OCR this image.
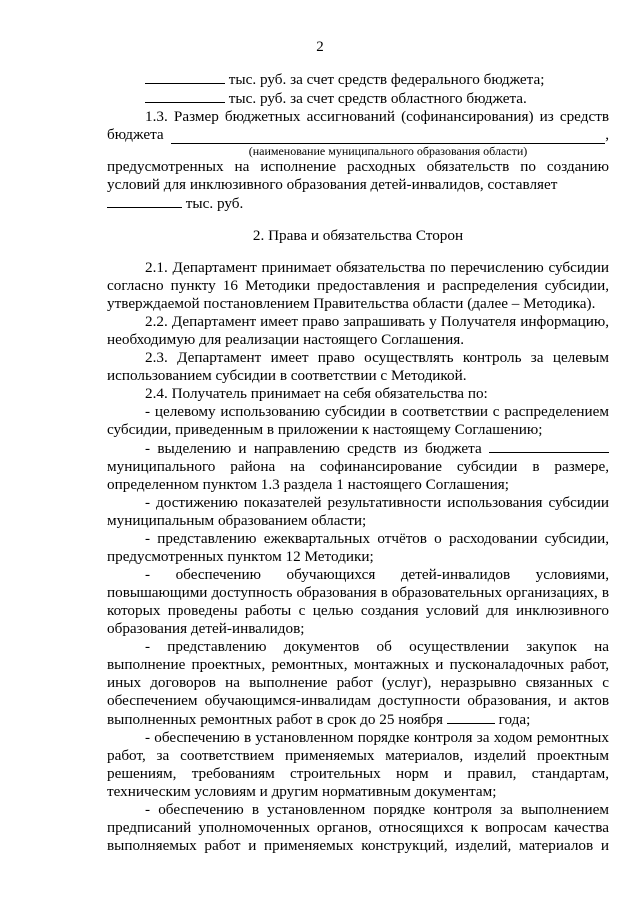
2

тыс. руб. за счет средств федерального бюджета;

тыс. руб. за счет средств областного бюджета.

1.3. Размер бюджетных ассигнований (софинансирования) из средств бюджета	,

(наименование муниципального образования области)

предусмотренных на исполнение расходных обязательств по созданию условий для инклюзивного образования детей-инвалидов, составляет

тыс. руб.

2. Права и обязательства Сторон

2.1. Департамент принимает обязательства по перечислению субсидии согласно пункту 16 Методики предоставления и распределения субсидии, утверждаемой постановлением Правительства области (далее – Методика).

2.2. Департамент имеет право запрашивать у Получателя информацию, необходимую для реализации настоящего Соглашения.

2.3. Департамент имеет право осуществлять контроль за целевым использованием субсидии в соответствии с Методикой.

2.4. Получатель принимает на себя обязательства по:

- целевому использованию субсидии в соответствии с распределением субсидии, приведенным в приложении к настоящему Соглашению;

- выделению и направлению средств из бюджета  муниципального района на софинансирование субсидии в размере, определенном пунктом 1.3 раздела 1 настоящего Соглашения;

- достижению показателей результативности использования субсидии муниципальным образованием области;

- представлению ежеквартальных отчётов о расходовании субсидии, предусмотренных пунктом 12 Методики;

- обеспечению обучающихся детей-инвалидов условиями, повышающими доступность образования в образовательных организациях, в которых проведены работы с целью создания условий для инклюзивного образования детей-инвалидов;

- представлению документов об осуществлении закупок на выполнение проектных, ремонтных, монтажных и пусконаладочных работ, иных договоров на выполнение работ (услуг), неразрывно связанных с обеспечением обучающимся-инвалидам доступности образования, и актов выполненных ремонтных работ в срок до 25 ноября	года;

- обеспечению в установленном порядке контроля за ходом ремонтных работ, за соответствием применяемых материалов, изделий проектным решениям, требованиям строительных норм и правил, стандартам, техническим условиям и другим нормативным документам;

- обеспечению в установленном порядке контроля за выполнением предписаний уполномоченных органов, относящихся к вопросам качества выполняемых работ и применяемых конструкций, изделий, материалов и
